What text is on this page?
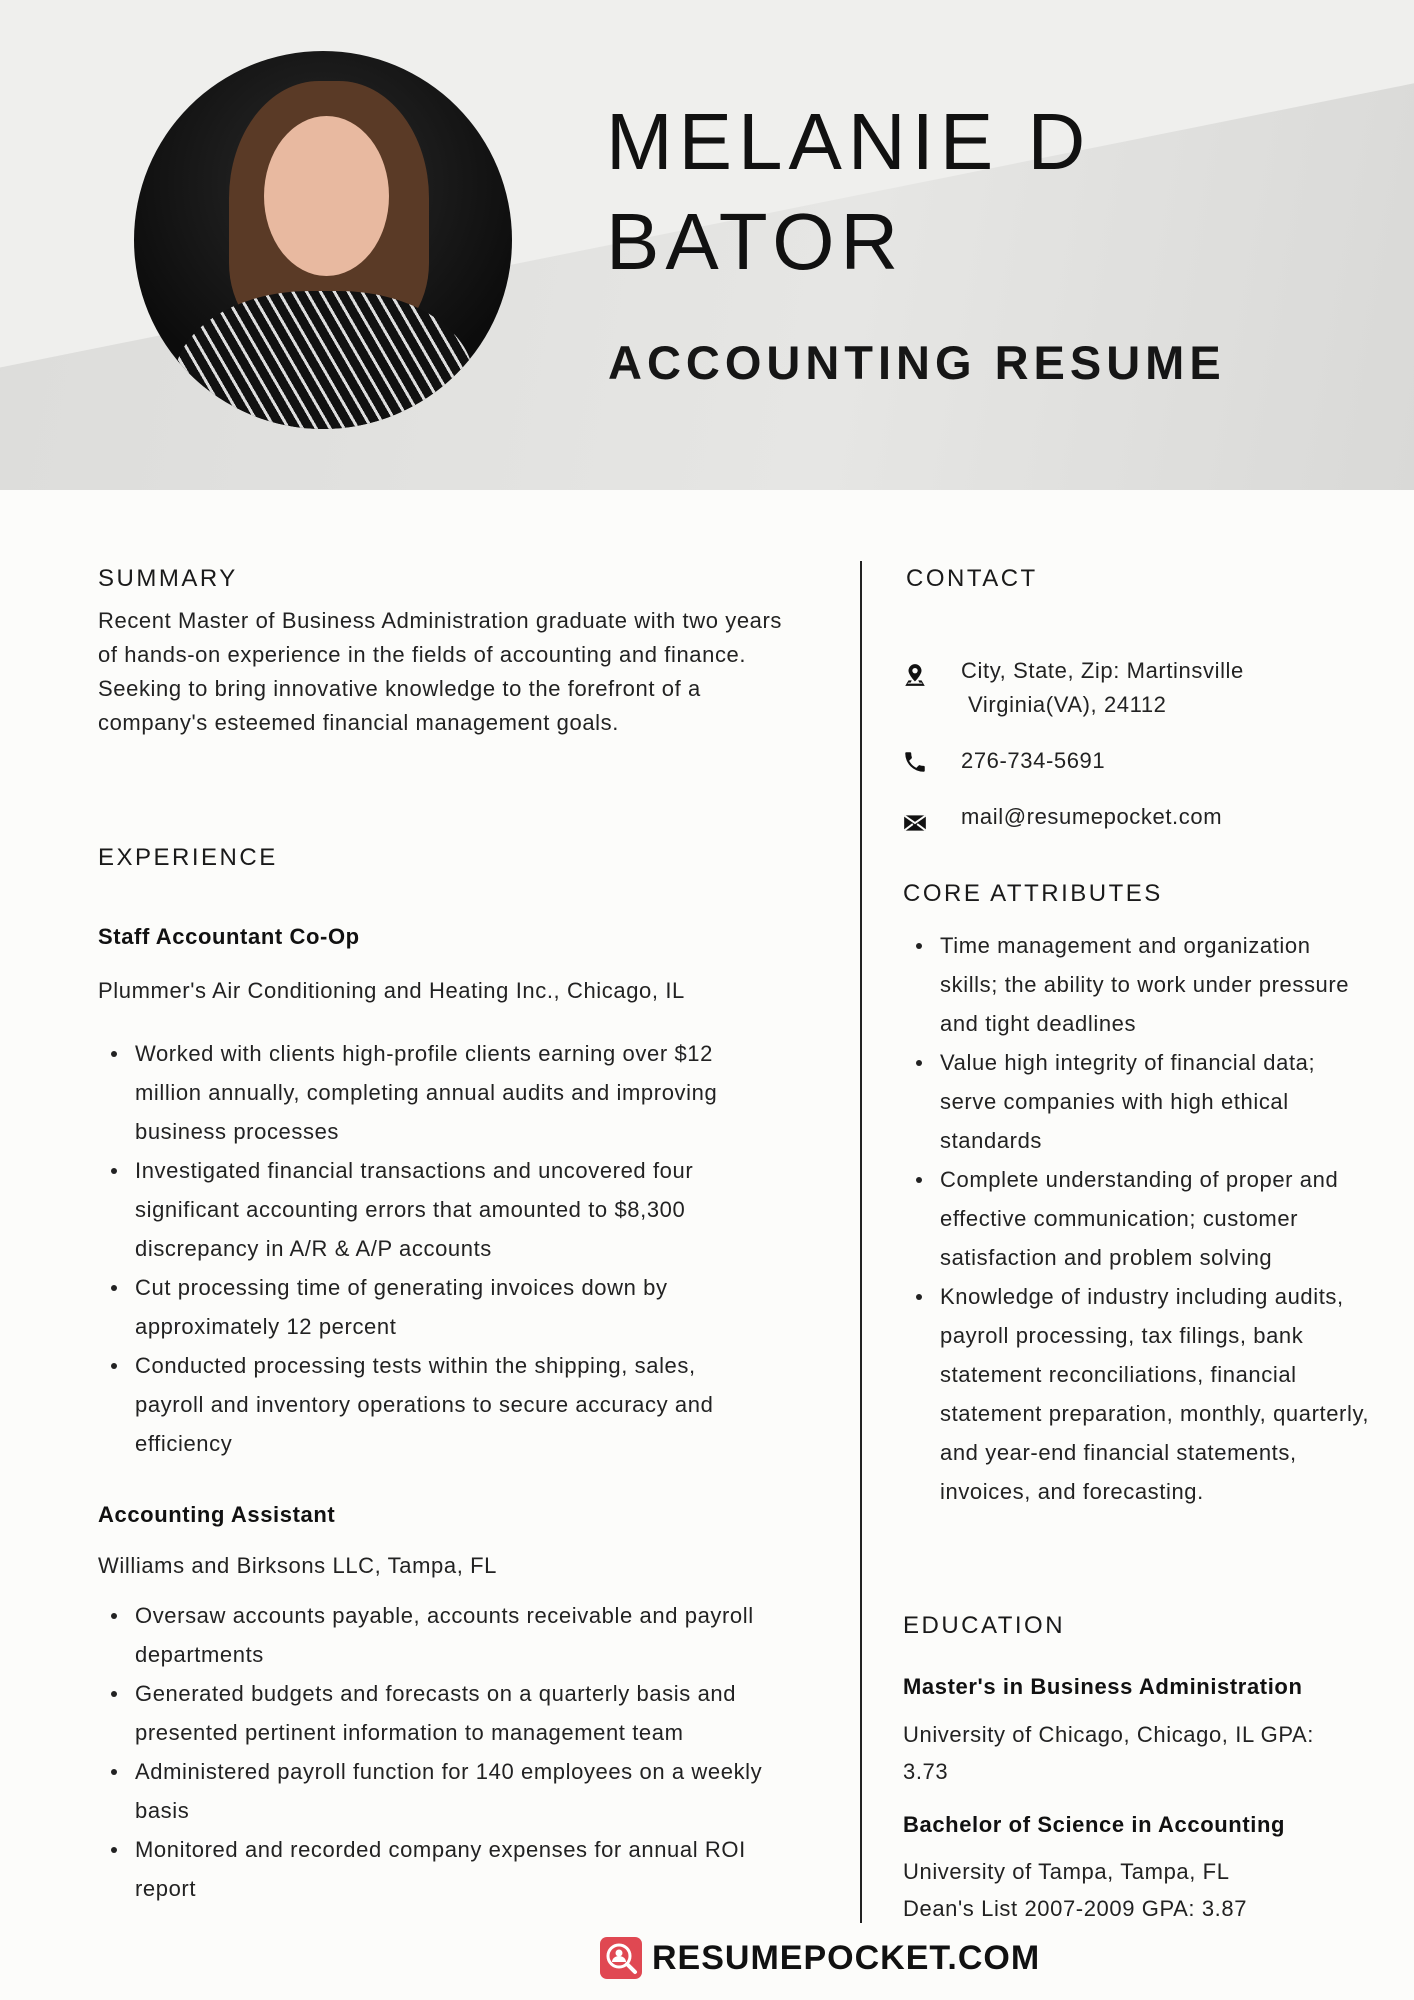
MELANIE D
BATOR
ACCOUNTING RESUME
SUMMARY
Recent Master of Business Administration graduate with two years of hands-on experience in the fields of accounting and finance. Seeking to bring innovative knowledge to the forefront of a company's esteemed financial management goals.
EXPERIENCE
Staff Accountant Co-Op
Plummer's Air Conditioning and Heating Inc., Chicago, IL
Worked with clients high-profile clients earning over $12 million annually, completing annual audits and improving business processes
Investigated financial transactions and uncovered four significant accounting errors that amounted to $8,300 discrepancy in A/R & A/P accounts
Cut processing time of generating invoices down by approximately 12 percent
Conducted processing tests within the shipping, sales, payroll and inventory operations to secure accuracy and efficiency
Accounting Assistant
Williams and Birksons LLC, Tampa, FL
Oversaw accounts payable, accounts receivable and payroll departments
Generated budgets and forecasts on a quarterly basis and presented pertinent information to management team
Administered payroll function for 140 employees on a weekly basis
Monitored and recorded company expenses for annual ROI report
CONTACT
City, State, Zip: Martinsville
Virginia(VA), 24112
276-734-5691
mail@resumepocket.com
CORE ATTRIBUTES
Time management and organization skills; the ability to work under pressure and tight deadlines
Value high integrity of financial data; serve companies with high ethical standards
Complete understanding of proper and effective communication; customer satisfaction and problem solving
Knowledge of industry including audits, payroll processing, tax filings, bank statement reconciliations, financial statement preparation, monthly, quarterly, and year-end financial statements, invoices, and forecasting.
EDUCATION
Master's in Business Administration
University of Chicago, Chicago, IL GPA:
3.73
Bachelor of Science in Accounting
University of Tampa, Tampa, FL
Dean's List 2007-2009 GPA: 3.87
RESUMEPOCKET.COM
